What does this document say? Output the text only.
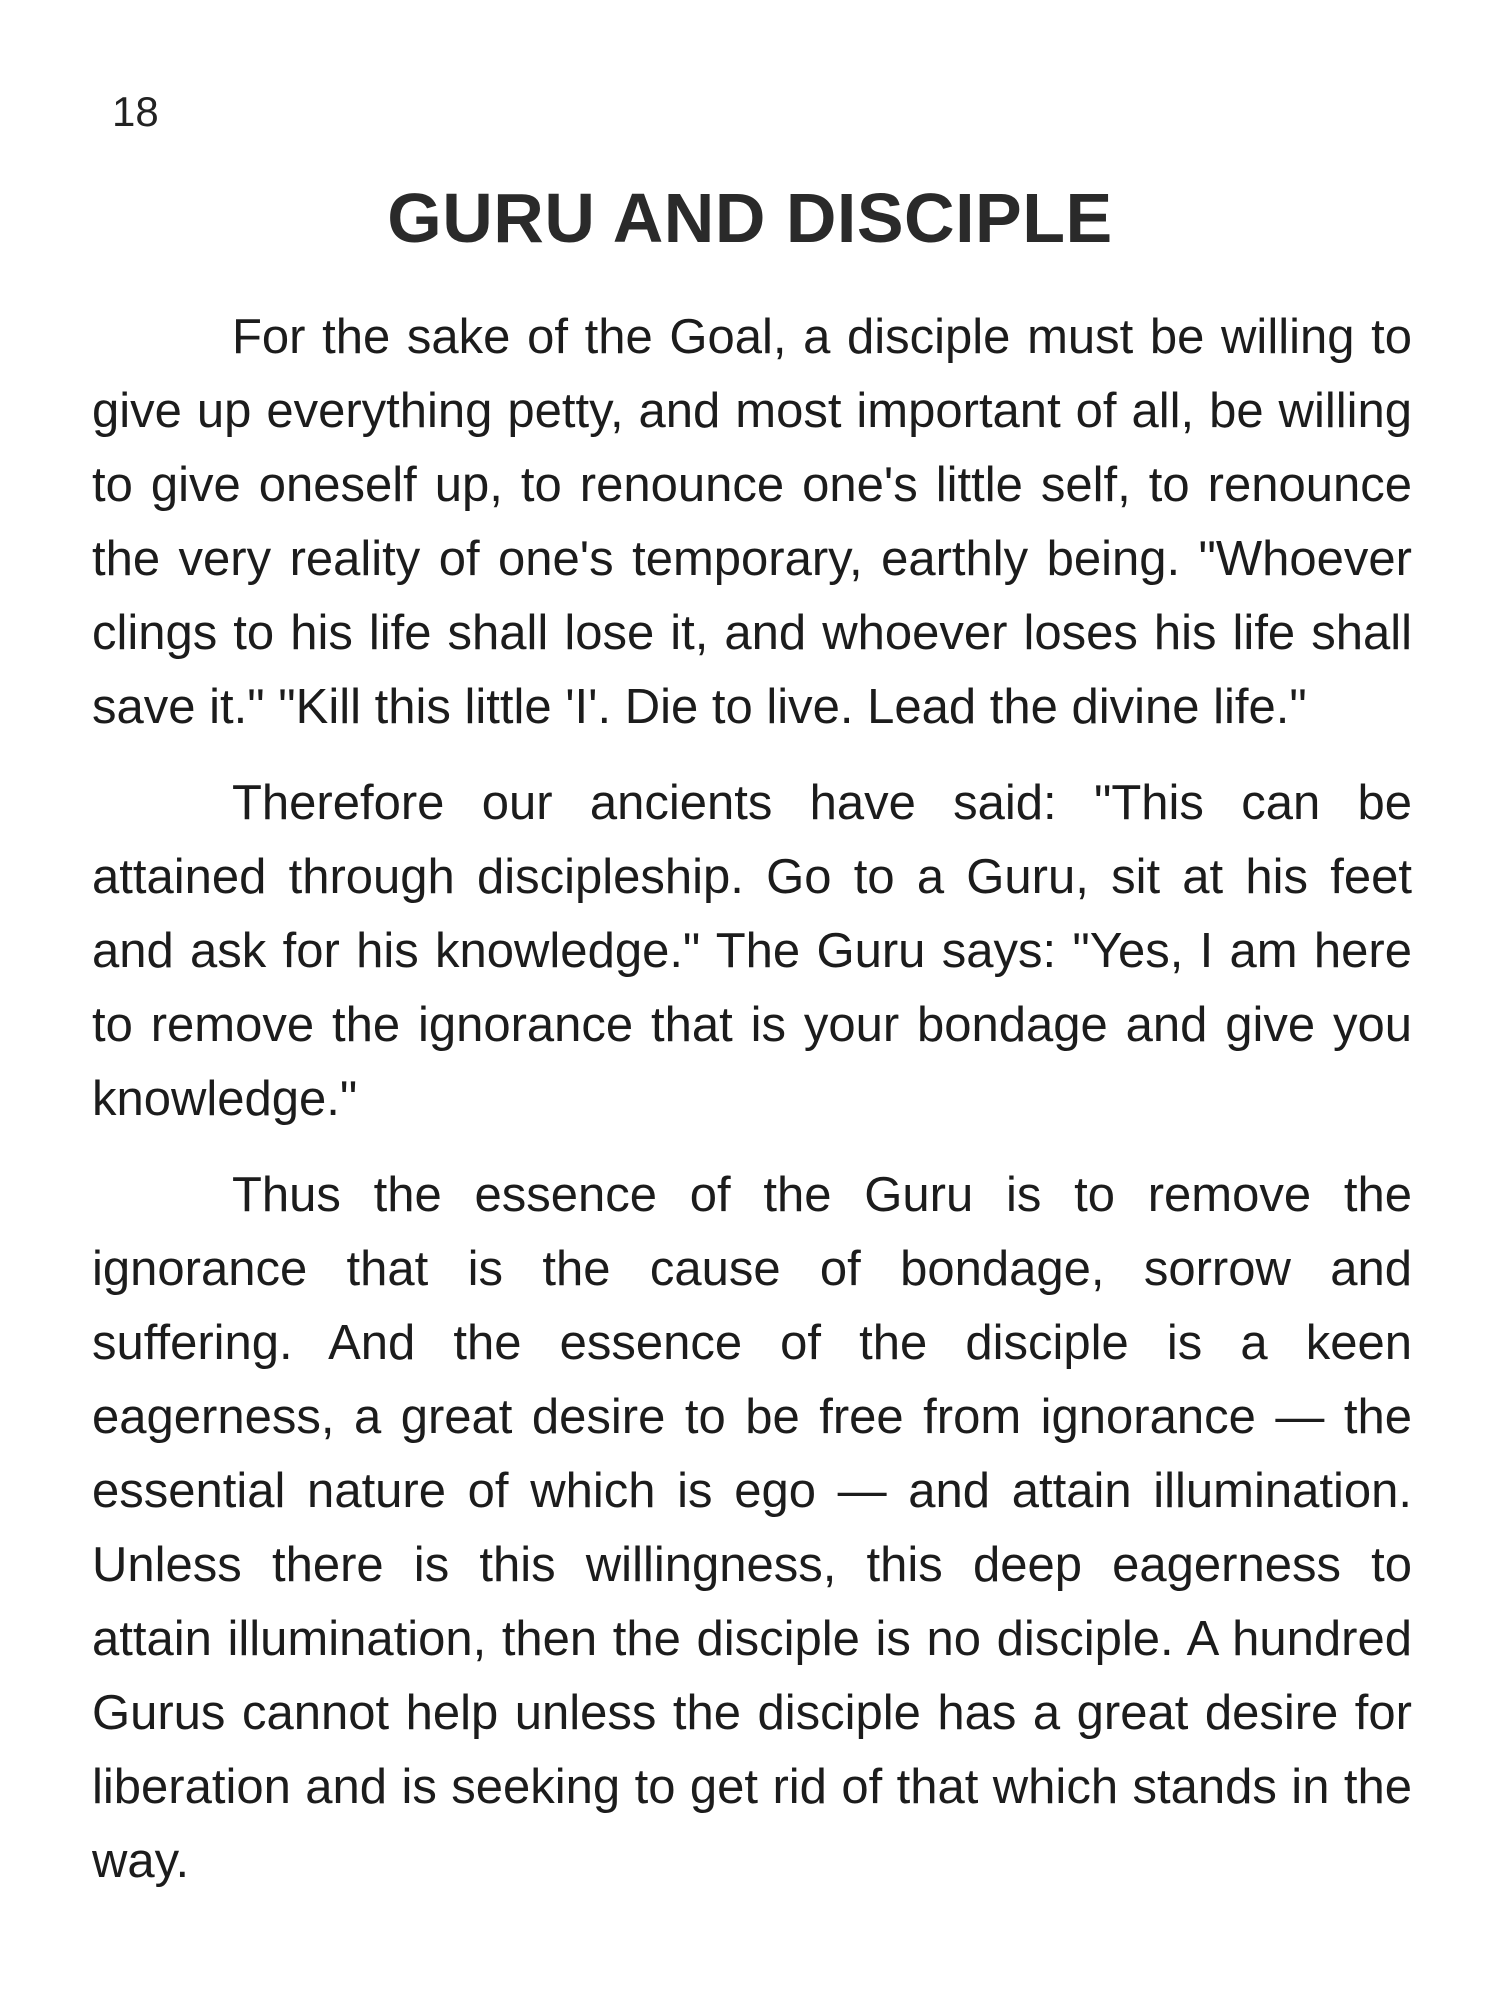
18
GURU AND DISCIPLE

For the sake of the Goal, a disciple must be willing to give up everything petty, and most important of all, be willing to give oneself up, to renounce one's little self, to renounce the very reality of one's temporary, earthly being. "Whoever clings to his life shall lose it, and whoever loses his life shall save it." "Kill this little 'I'. Die to live. Lead the divine life."

Therefore our ancients have said: "This can be attained through discipleship. Go to a Guru, sit at his feet and ask for his knowledge." The Guru says: "Yes, I am here to remove the ignorance that is your bondage and give you knowledge."

Thus the essence of the Guru is to remove the ignorance that is the cause of bondage, sorrow and suffering. And the essence of the disciple is a keen eagerness, a great desire to be free from ignorance — the essential nature of which is ego — and attain illumination. Unless there is this willingness, this deep eagerness to attain illumination, then the disciple is no disciple. A hundred Gurus cannot help unless the disciple has a great desire for liberation and is seeking to get rid of that which stands in the way.
